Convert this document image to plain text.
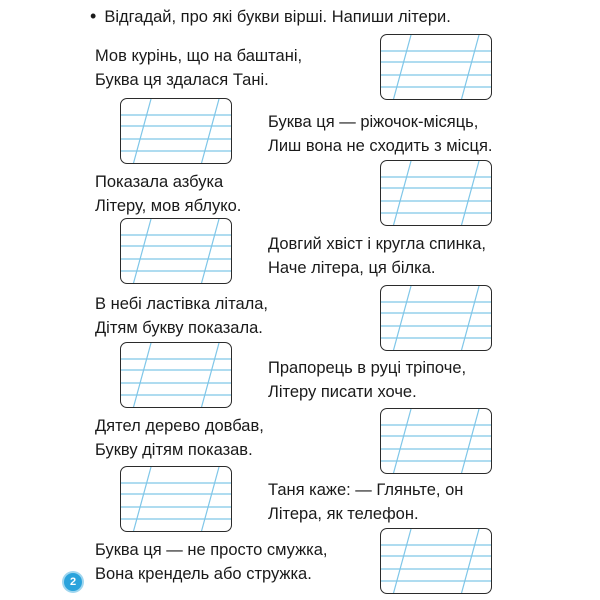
• Відгадай, про які букви вірші. Напиши літери.
Мов курінь, що на баштані,
Буква ця здалася Тані.
Буква ця — ріжочок-місяць,
Лиш вона не сходить з місця.
Показала азбука
Літеру, мов яблуко.
Довгий хвіст і кругла спинка,
Наче літера, ця білка.
В небі ластівка літала,
Дітям букву показала.
Прапорець в руці тріпоче,
Літеру писати хоче.
Дятел дерево довбав,
Букву дітям показав.
Таня каже: — Гляньте, он
Літера, як телефон.
Буква ця — не просто смужка,
Вона крендель або стружка.
2
